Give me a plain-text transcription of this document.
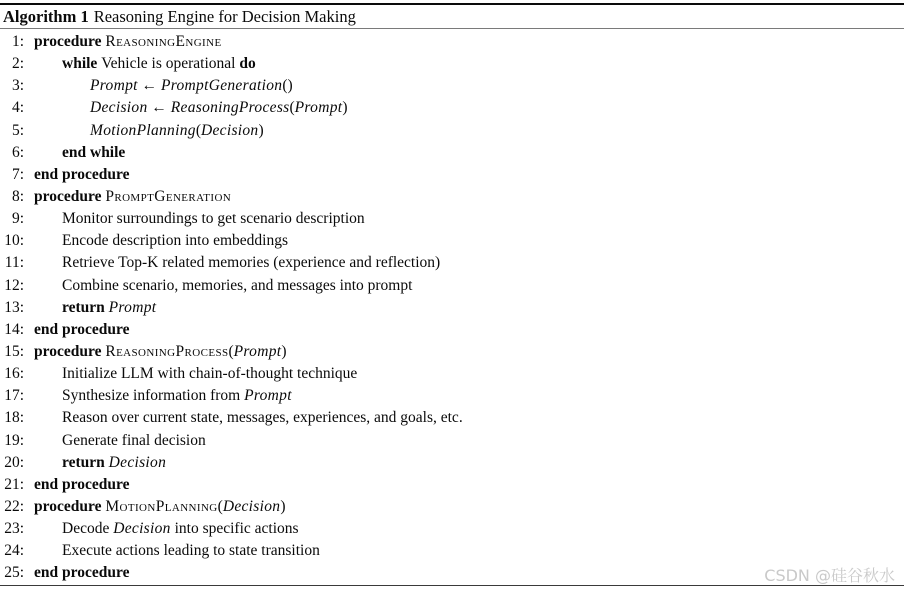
Algorithm 1 Reasoning Engine for Decision Making
1: procedure ReasoningEngine
2:	while Vehicle is operational do
3:	Prompt ← PromptGeneration()
4:	Decision ← ReasoningProcess(Prompt)
5:	MotionPlanning(Decision)
6:	end while
7: end procedure
8: procedure PromptGeneration
9:	Monitor surroundings to get scenario description
10:	Encode description into embeddings
11:	Retrieve Top-K related memories (experience and reflection)
12:	Combine scenario, memories, and messages into prompt
13:	return Prompt
14: end procedure
15: procedure ReasoningProcess(Prompt)
16:	Initialize LLM with chain-of-thought technique
17:	Synthesize information from Prompt
18:	Reason over current state, messages, experiences, and goals, etc.
19:	Generate final decision
20:	return Decision
21: end procedure
22: procedure MotionPlanning(Decision)
23:	Decode Decision into specific actions
24:	Execute actions leading to state transition
25: end procedure	CSDN @硅谷秋水
